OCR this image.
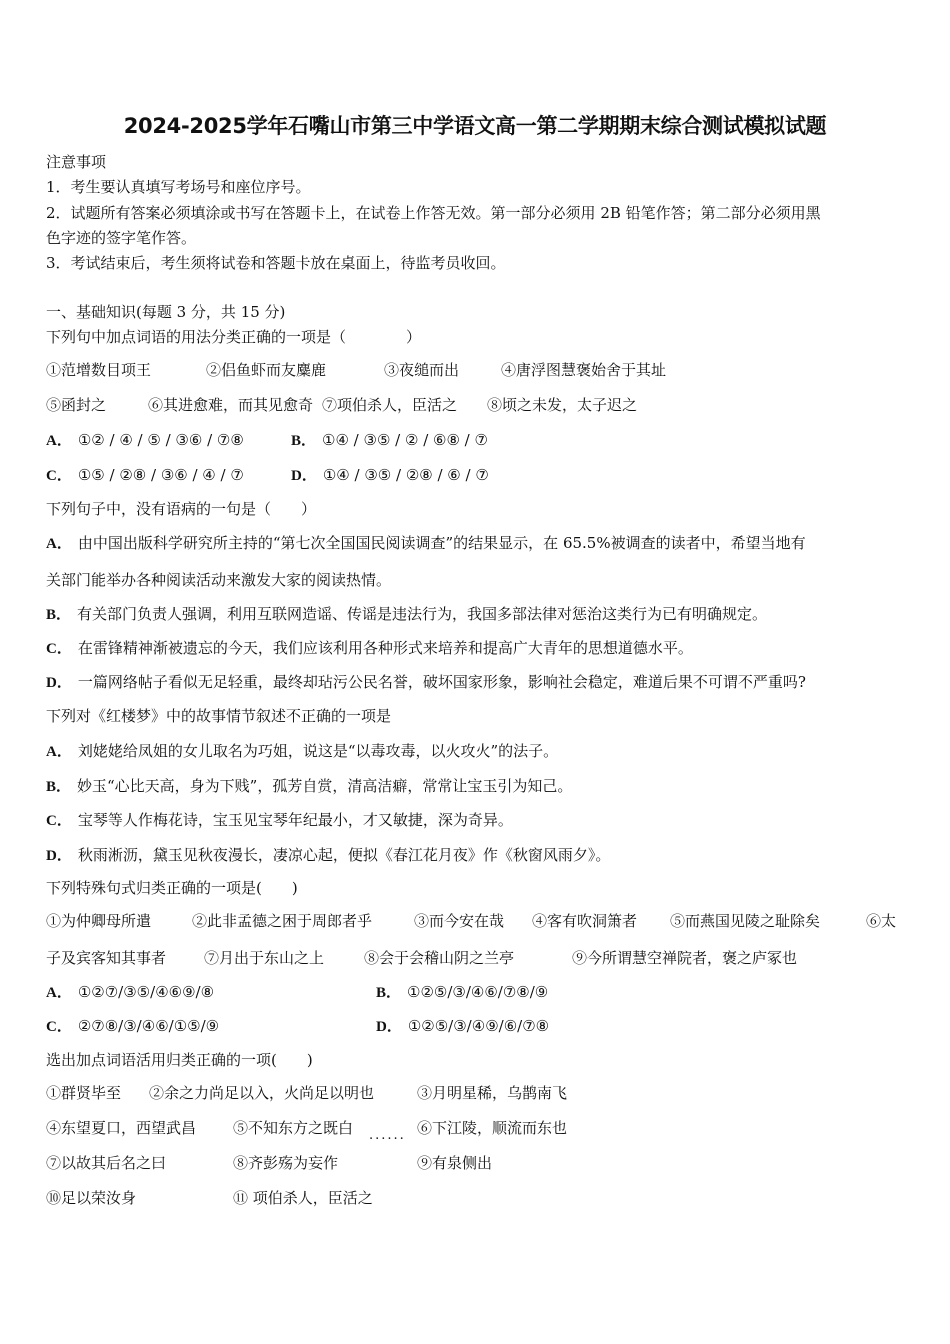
2024-2025学年石嘴山市第三中学语文高一第二学期期末综合测试模拟试题
注意事项
1．考生要认真填写考场号和座位序号。
2．试题所有答案必须填涂或书写在答题卡上，在试卷上作答无效。第一部分必须用 2B 铅笔作答；第二部分必须用黑
色字迹的签字笔作答。
3．考试结束后，考生须将试卷和答题卡放在桌面上，待监考员收回。
一、基础知识(每题 3 分，共 15 分)
下列句中加点词语的用法分类正确的一项是（　　　　）
①范增数目项王	②侣鱼虾而友麋鹿	③夜缒而出	④唐浮图慧褒始舍于其址
⑤函封之	⑥其进愈难，而其见愈奇 ⑦项伯杀人，臣活之 ⑧顷之未发，太子迟之
A． ①② / ④ / ⑤ / ③⑥ / ⑦⑧	B． ①④ / ③⑤ / ② / ⑥⑧ / ⑦
C． ①⑤ / ②⑧ / ③⑥ / ④ / ⑦	D． ①④ / ③⑤ / ②⑧ / ⑥ / ⑦
下列句子中，没有语病的一句是（　　）
A． 由中国出版科学研究所主持的“第七次全国国民阅读调查”的结果显示，在 65.5%被调查的读者中，希望当地有
关部门能举办各种阅读活动来激发大家的阅读热情。
B． 有关部门负责人强调，利用互联网造谣、传谣是违法行为，我国多部法律对惩治这类行为已有明确规定。
C． 在雷锋精神渐被遗忘的今天，我们应该利用各种形式来培养和提高广大青年的思想道德水平。
D． 一篇网络帖子看似无足轻重，最终却玷污公民名誉，破坏国家形象，影响社会稳定，难道后果不可谓不严重吗?
下列对《红楼梦》中的故事情节叙述不正确的一项是
A． 刘姥姥给凤姐的女儿取名为巧姐，说这是“以毒攻毒，以火攻火”的法子。
B． 妙玉“心比天高，身为下贱”，孤芳自赏，清高洁癖，常常让宝玉引为知己。
C． 宝琴等人作梅花诗，宝玉见宝琴年纪最小，才又敏捷，深为奇异。
D． 秋雨淅沥，黛玉见秋夜漫长，凄凉心起，便拟《春江花月夜》作《秋窗风雨夕》。
下列特殊句式归类正确的一项是(　　)
①为仲卿母所遣	②此非孟德之困于周郎者乎	③而今安在哉 ④客有吹洞箫者 ⑤而燕国见陵之耻除矣	⑥太
子及宾客知其事者	⑦月出于东山之上	⑧会于会稽山阴之兰亭	⑨今所谓慧空禅院者，褒之庐冢也
A． ①②⑦/③⑤/④⑥⑨/⑧	B． ①②⑤/③/④⑥/⑦⑧/⑨
C． ②⑦⑧/③/④⑥/①⑤/⑨	D． ①②⑤/③/④⑨/⑥/⑦⑧
选出加点词语活用归类正确的一项(　　)
①群贤毕至 ②余之力尚足以入，火尚足以明也	③月明星稀，乌鹊南飞
④东望夏口，西望武昌 ⑤不知东方之既白 ...... ⑥下江陵，顺流而东也
⑦以故其后名之曰	⑧齐彭殇为妄作	⑨有泉侧出
⑩足以荣汝身	⑪ 项伯杀人，臣活之
